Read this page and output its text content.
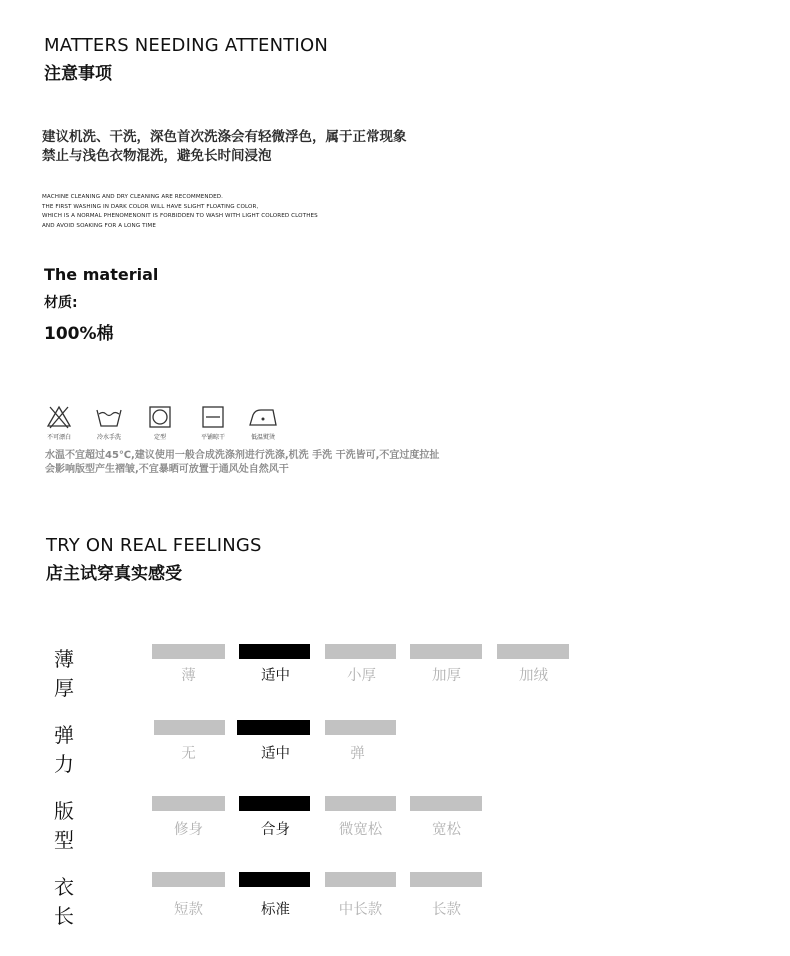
MATTERS NEEDING ATTENTION
注意事项
建议机洗、干洗，深色首次洗涤会有轻微浮色，属于正常现象
禁止与浅色衣物混洗，避免长时间浸泡
MACHINE CLEANING AND DRY CLEANING ARE RECOMMENDED.
THE FIRST WASHING IN DARK COLOR WILL HAVE SLIGHT FLOATING COLOR,
WHICH IS A NORMAL PHENOMENONIT IS FORBIDDEN TO WASH WITH LIGHT COLORED CLOTHES
AND AVOID SOAKING FOR A LONG TIME
The material
材质:
100%棉
不可漂白	冷水手洗	定型	平铺晾干	低温熨烫
水温不宜超过45℃,建议使用一般合成洗涤剂进行洗涤,机洗 手洗 干洗皆可,不宜过度拉扯
会影响版型产生褶皱,不宜暴晒可放置于通风处自然风干
TRY ON REAL FEELINGS
店主试穿真实感受
薄厚	薄	适中	小厚	加厚	加绒
弹力	无	适中	弹
版型	修身	合身	微宽松	宽松
衣长	短款	标准	中长款	长款
